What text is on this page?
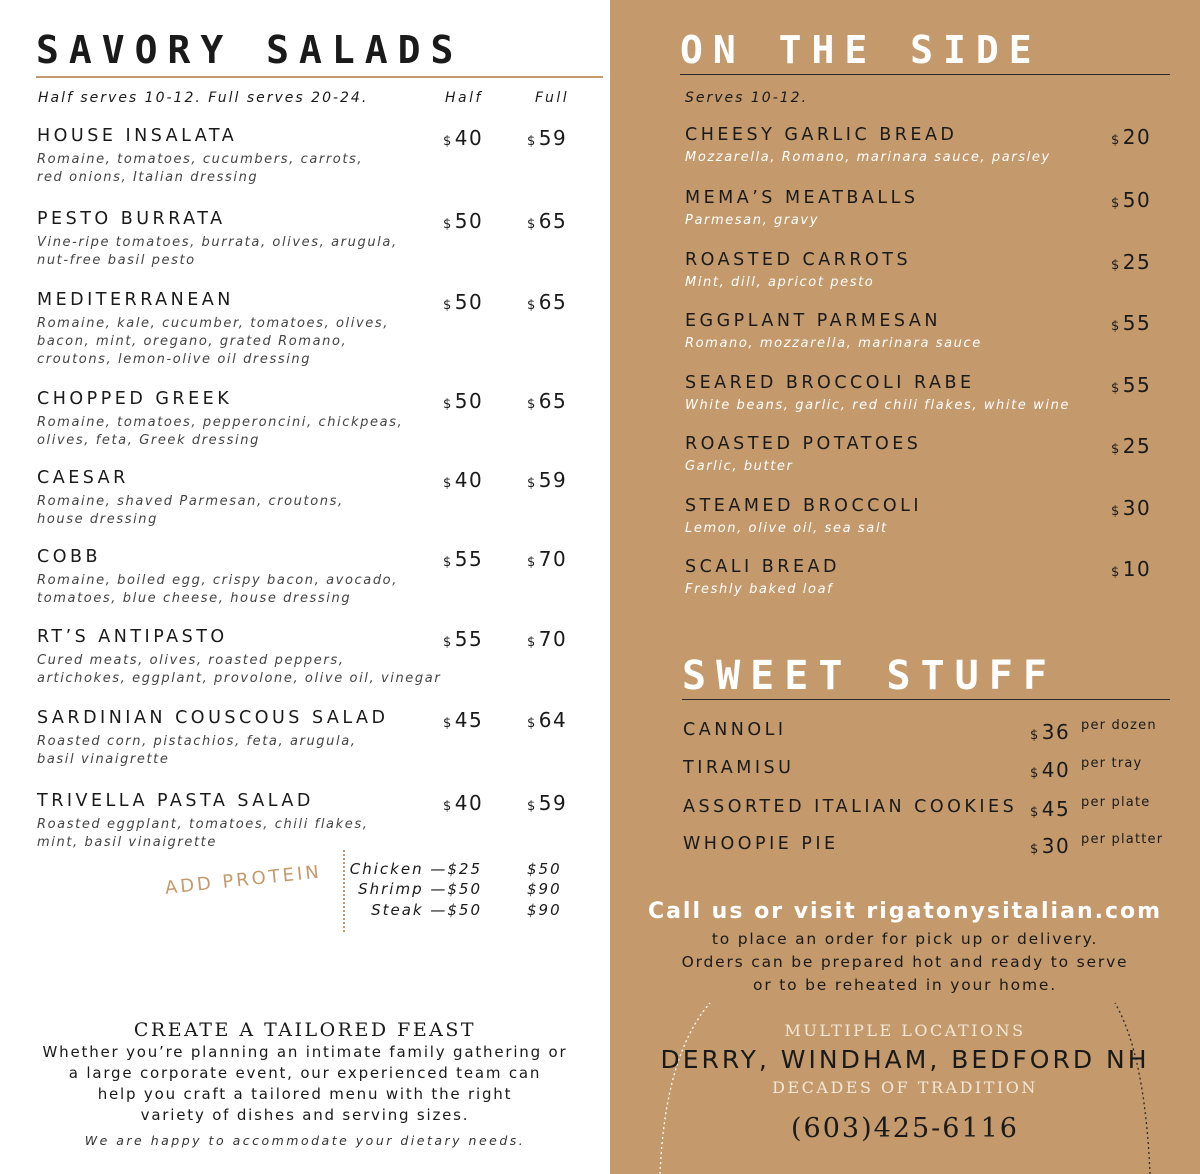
SAVORY SALADS
Half serves 10-12. Full serves 20-24.	Half	Full
HOUSE INSALATA
Romaine, tomatoes, cucumbers, carrots,
red onions, Italian dressing
$ 40	$ 59
PESTO BURRATA
Vine-ripe tomatoes, burrata, olives, arugula,
nut-free basil pesto
$ 50	$ 65
MEDITERRANEAN
Romaine, kale, cucumber, tomatoes, olives,
bacon, mint, oregano, grated Romano,
croutons, lemon-olive oil dressing
$ 50	$ 65
CHOPPED GREEK
Romaine, tomatoes, pepperoncini, chickpeas,
olives, feta, Greek dressing
$ 50	$ 65
CAESAR
Romaine, shaved Parmesan, croutons,
house dressing
$ 40	$ 59
COBB
Romaine, boiled egg, crispy bacon, avocado,
tomatoes, blue cheese, house dressing
$ 55	$ 70
RT’S ANTIPASTO
Cured meats, olives, roasted peppers,
artichokes, eggplant, provolone, olive oil, vinegar
$ 55	$ 70
SARDINIAN COUSCOUS SALAD
Roasted corn, pistachios, feta, arugula,
basil vinaigrette
$ 45	$ 64
TRIVELLA PASTA SALAD
Roasted eggplant, tomatoes, chili flakes,
mint, basil vinaigrette
$ 40	$ 59
ADD PROTEIN Chicken —$25	$50
Shrimp —$50	$90
Steak —$50	$90
CREATE A TAILORED FEAST
Whether you’re planning an intimate family gathering or
a large corporate event, our experienced team can
help you craft a tailored menu with the right
variety of dishes and serving sizes.
We are happy to accommodate your dietary needs.
ON THE SIDE
Serves 10-12.
CHEESY GARLIC BREAD
Mozzarella, Romano, marinara sauce, parsley
$ 20
MEMA’S MEATBALLS
Parmesan, gravy
$ 50
ROASTED CARROTS
Mint, dill, apricot pesto
$ 25
EGGPLANT PARMESAN
Romano, mozzarella, marinara sauce
$ 55
SEARED BROCCOLI RABE
White beans, garlic, red chili flakes, white wine
$ 55
ROASTED POTATOES
Garlic, butter
$ 25
STEAMED BROCCOLI
Lemon, olive oil, sea salt
$ 30
SCALI BREAD
Freshly baked loaf
$ 10
SWEET STUFF
CANNOLI	$ 36 per dozen
TIRAMISU	$ 40 per tray
ASSORTED ITALIAN COOKIES $ 45 per plate
WHOOPIE PIE	$ 30 per platter
Call us or visit rigatonysitalian.com
to place an order for pick up or delivery.
Orders can be prepared hot and ready to serve
or to be reheated in your home.
MULTIPLE LOCATIONS
DERRY, WINDHAM, BEDFORD NH
DECADES OF TRADITION
(603)425-6116
